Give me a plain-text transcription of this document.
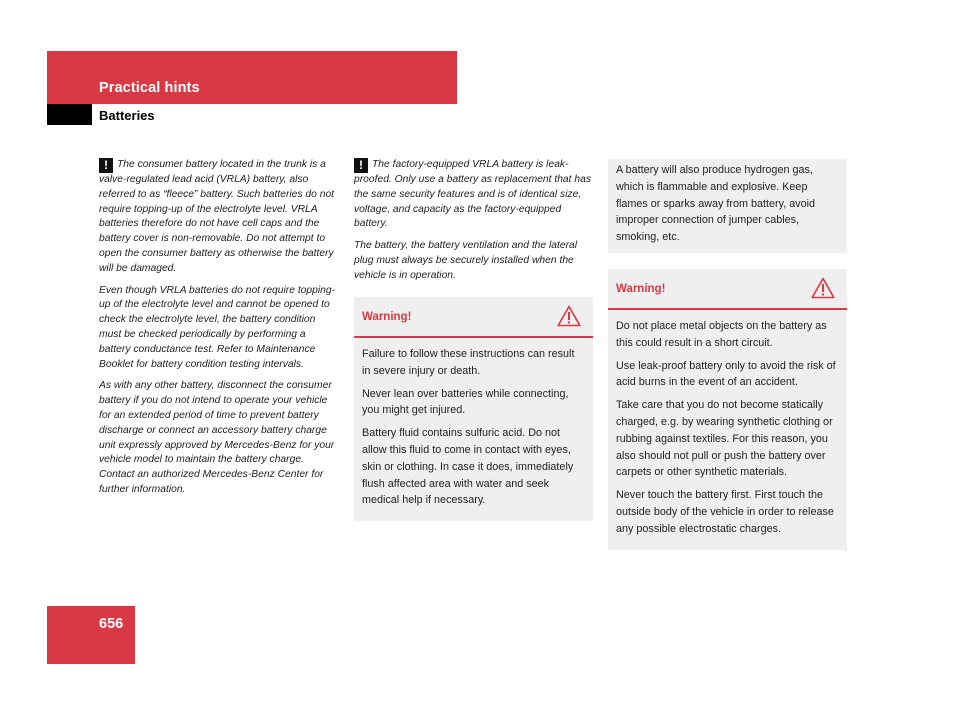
Practical hints
Batteries

! The consumer battery located in the trunk is a valve-regulated lead acid (VRLA) battery, also referred to as “fleece” battery. Such batteries do not require topping-up of the electrolyte level. VRLA batteries therefore do not have cell caps and the battery cover is non-removable. Do not attempt to open the consumer battery as otherwise the battery will be damaged.

Even though VRLA batteries do not require topping-up of the electrolyte level and cannot be opened to check the electrolyte level, the battery condition must be checked periodically by performing a battery conductance test. Refer to Maintenance Booklet for battery condition testing intervals.

As with any other battery, disconnect the consumer battery if you do not intend to operate your vehicle for an extended period of time to prevent battery discharge or connect an accessory battery charge unit expressly approved by Mercedes-Benz for your vehicle model to maintain the battery charge. Contact an authorized Mercedes-Benz Center for further information.

! The factory-equipped VRLA battery is leak-proofed. Only use a battery as replacement that has the same security features and is of identical size, voltage, and capacity as the factory-equipped battery.

The battery, the battery ventilation and the lateral plug must always be securely installed when the vehicle is in operation.

Warning!

Failure to follow these instructions can result in severe injury or death.

Never lean over batteries while connecting, you might get injured.

Battery fluid contains sulfuric acid. Do not allow this fluid to come in contact with eyes, skin or clothing. In case it does, immediately flush affected area with water and seek medical help if necessary.

A battery will also produce hydrogen gas, which is flammable and explosive. Keep flames or sparks away from battery, avoid improper connection of jumper cables, smoking, etc.

Warning!

Do not place metal objects on the battery as this could result in a short circuit.

Use leak-proof battery only to avoid the risk of acid burns in the event of an accident.

Take care that you do not become statically charged, e.g. by wearing synthetic clothing or rubbing against textiles. For this reason, you also should not pull or push the battery over carpets or other synthetic materials.

Never touch the battery first. First touch the outside body of the vehicle in order to release any possible electrostatic charges.

656
